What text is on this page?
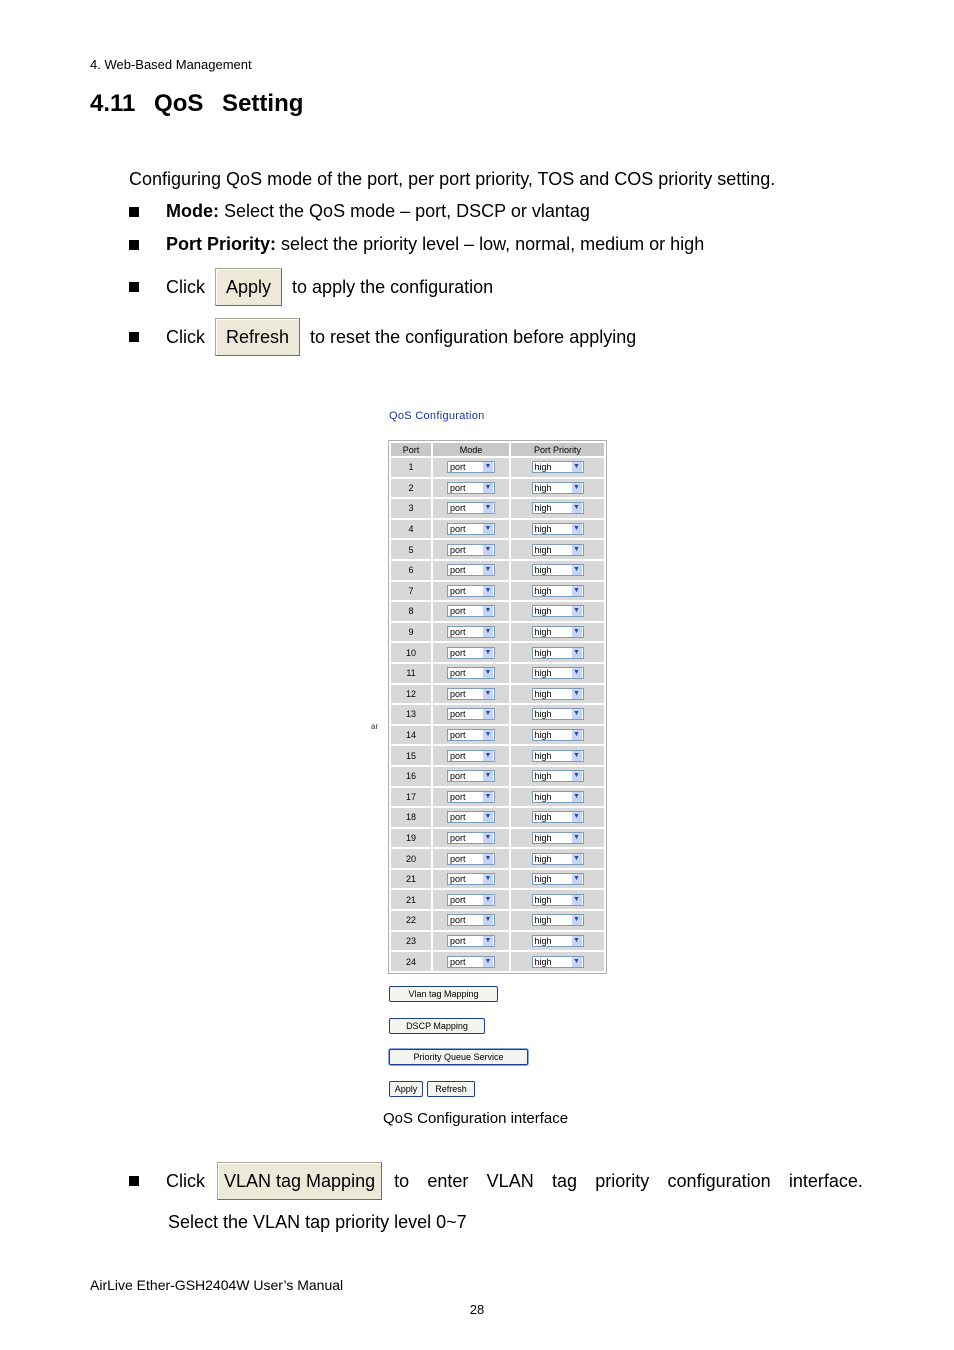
4. Web-Based Management
4.11 QoS Setting
Configuring QoS mode of the port, per port priority, TOS and COS priority setting.
Mode: Select the QoS mode – port, DSCP or vlantag
Port Priority: select the priority level – low, normal, medium or high
Click	Apply	to apply the configuration
Click	Refresh	to reset the configuration before applying
QoS Configuration
ar
Port	Mode	Port Priority
1	port ▼	high ▼

2	port ▼	high ▼

3	port ▼	high ▼

4	port ▼	high ▼

5	port ▼	high ▼

6	port ▼	high ▼

7	port ▼	high ▼

8	port ▼	high ▼

9	port ▼	high ▼

10	port ▼	high ▼

11	port ▼	high ▼

12	port ▼	high ▼

13	port ▼	high ▼

14	port ▼	high ▼

15	port ▼	high ▼

16	port ▼	high ▼

17	port ▼	high ▼

18	port ▼	high ▼

19	port ▼	high ▼

20	port ▼	high ▼

21	port ▼	high ▼

21	port ▼	high ▼

22	port ▼	high ▼

23	port ▼	high ▼

24	port ▼	high ▼
Vlan tag Mapping
DSCP Mapping
Priority Queue Service
Apply	Refresh
QoS Configuration interface
Click	VLAN tag Mapping	to enter VLAN tag priority configuration interface.
Select the VLAN tap priority level 0~7
AirLive Ether-GSH2404W User’s Manual
28
